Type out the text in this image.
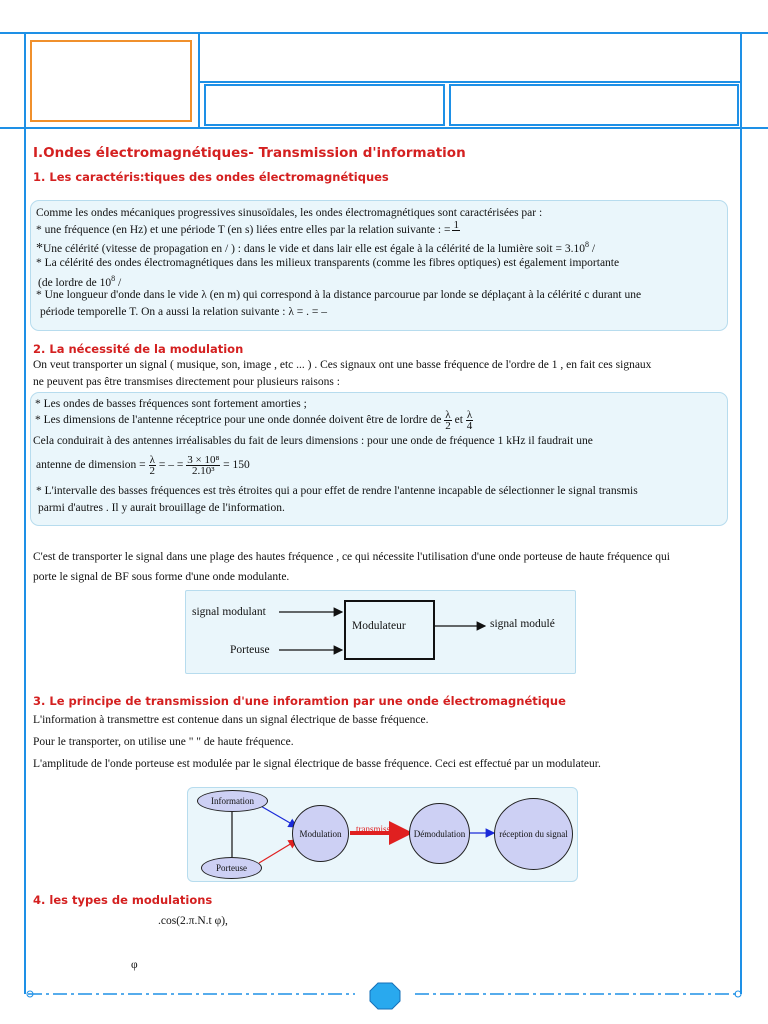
I.Ondes électromagnétiques- Transmission d'information
1. Les caractéris:tiques des ondes électromagnétiques
Comme les ondes mécaniques progressives sinusoïdales, les ondes électromagnétiques sont caractérisées par :
* une fréquence (en Hz) et une période T (en s) liées entre elles par la relation suivante : = 1

*Une célérité (vitesse de propagation en / ) : dans le vide et dans lair elle est égale à la célérité de la lumière soit = $3.10^8$ /
* La célérité des ondes électromagnétiques dans les milieux transparents (comme les fibres optiques) est également importante
(de lordre de $10^8$ /
* Une longueur d'onde dans le vide λ (en m) qui correspond à la distance parcourue par londe se déplaçant à la célérité c durant une
période temporelle T. On a aussi la relation suivante : λ = . = –
2. La nécessité de la modulation
On veut transporter un signal ( musique, son, image , etc ... ) . Ces signaux ont une basse fréquence de l'ordre de 1 , en fait ces signaux
ne peuvent pas être transmises directement pour plusieurs raisons :
* Les ondes de basses fréquences sont fortement amorties ;
* Les dimensions de l'antenne réceptrice pour une onde donnée doivent être de lordre de $\frac{\lambda}{2}$ et $\frac{\lambda}{4}$
Cela conduirait à des antennes irréalisables du fait de leurs dimensions : pour une onde de fréquence 1 kHz il faudrait une
antenne de dimension = $\frac{\lambda}{2}$ = – = $\frac{\text{3 × 10⁸}}{\text{2.10³}} = 150$
* L'intervalle des basses fréquences est très étroites qui a pour effet de rendre l'antenne incapable de sélectionner le signal transmis
parmi d'autres . Il y aurait brouillage de l'information.
C'est de transporter le signal dans une plage des hautes fréquence , ce qui nécessite l'utilisation d'une onde porteuse de haute fréquence qui
porte le signal de BF sous forme d'une onde modulante.
Modulateur
signal modulant
Porteuse
signal modulé
3. Le principe de transmission d'une inforamtion par une onde électromagnétique
L'information à transmettre est contenue dans un signal électrique de basse fréquence.
Pour le transporter, on utilise une " " de haute fréquence.
L'amplitude de l'onde porteuse est modulée par le signal électrique de basse fréquence. Ceci est effectué par un modulateur.
Information
Porteuse
Modulation	Démodulation	réception du signal
transmission
4. les types de modulations
.cos(2.π.N.t φ),
φ
